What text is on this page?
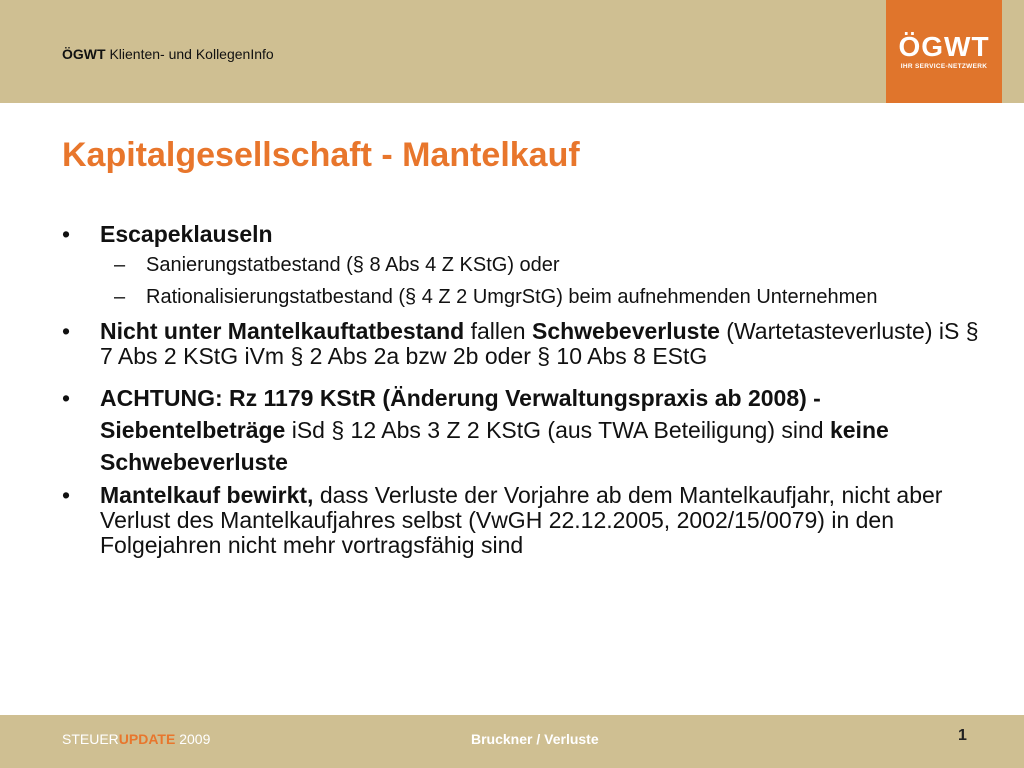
ÖGWT Klienten- und KollegenInfo	ÖGWT
IHR SERVICE-NETZWERK
Kapitalgesellschaft - Mantelkauf
• Escapeklauseln
– Sanierungstatbestand (§ 8 Abs 4 Z KStG) oder
– Rationalisierungstatbestand (§ 4 Z 2 UmgrStG) beim aufnehmenden Unternehmen
• Nicht unter Mantelkauftatbestand fallen Schwebeverluste (Wartetasteverluste) iS § 7 Abs 2 KStG iVm § 2 Abs 2a bzw 2b oder § 10 Abs 8 EStG
• ACHTUNG: Rz 1179 KStR (Änderung Verwaltungspraxis ab 2008) - Siebentelbeträge iSd § 12 Abs 3 Z 2 KStG (aus TWA Beteiligung) sind keine Schwebeverluste
• Mantelkauf bewirkt, dass Verluste der Vorjahre ab dem Mantelkaufjahr, nicht aber Verlust des Mantelkaufjahres selbst (VwGH 22.12.2005, 2002/15/0079) in den Folgejahren nicht mehr vortragsfähig sind
STEUERUPDATE 2009	Bruckner / Verluste	1
